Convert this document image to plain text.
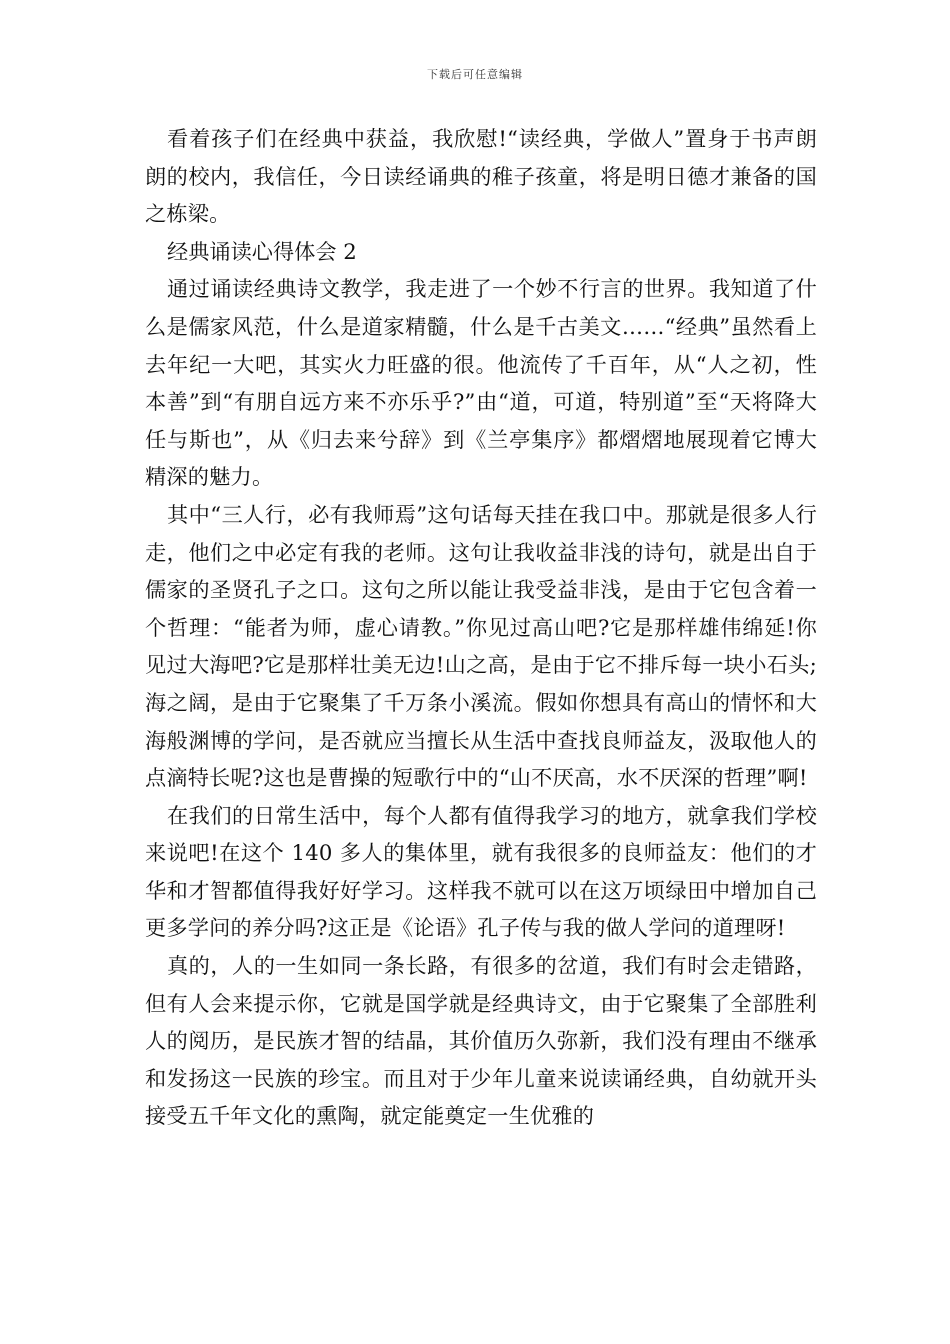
下载后可任意编辑

看着孩子们在经典中获益，我欣慰!“读经典，学做人”置身于书声朗朗的校内，我信任，今日读经诵典的稚子孩童，将是明日德才兼备的国之栋梁。

经典诵读心得体会 2

通过诵读经典诗文教学，我走进了一个妙不行言的世界。我知道了什么是儒家风范，什么是道家精髓，什么是千古美文……“经典”虽然看上去年纪一大吧，其实火力旺盛的很。他流传了千百年，从“人之初，性本善”到“有朋自远方来不亦乐乎?”由“道，可道，特别道”至“天将降大任与斯也”，从《归去来兮辞》到《兰亭集序》都熠熠地展现着它博大精深的魅力。

其中“三人行，必有我师焉”这句话每天挂在我口中。那就是很多人行走，他们之中必定有我的老师。这句让我收益非浅的诗句，就是出自于儒家的圣贤孔子之口。这句之所以能让我受益非浅，是由于它包含着一个哲理：“能者为师，虚心请教。”你见过高山吧?它是那样雄伟绵延!你见过大海吧?它是那样壮美无边!山之高，是由于它不排斥每一块小石头;海之阔，是由于它聚集了千万条小溪流。假如你想具有高山的情怀和大海般渊博的学问，是否就应当擅长从生活中查找良师益友，汲取他人的点滴特长呢?这也是曹操的短歌行中的“山不厌高，水不厌深的哲理”啊!

在我们的日常生活中，每个人都有值得我学习的地方，就拿我们学校来说吧!在这个 140 多人的集体里，就有我很多的良师益友：他们的才华和才智都值得我好好学习。这样我不就可以在这万顷绿田中增加自己更多学问的养分吗?这正是《论语》孔子传与我的做人学问的道理呀!

真的，人的一生如同一条长路，有很多的岔道，我们有时会走错路，但有人会来提示你，它就是国学就是经典诗文，由于它聚集了全部胜利人的阅历，是民族才智的结晶，其价值历久弥新，我们没有理由不继承和发扬这一民族的珍宝。而且对于少年儿童来说读诵经典，自幼就开头接受五千年文化的熏陶，就定能奠定一生优雅的
